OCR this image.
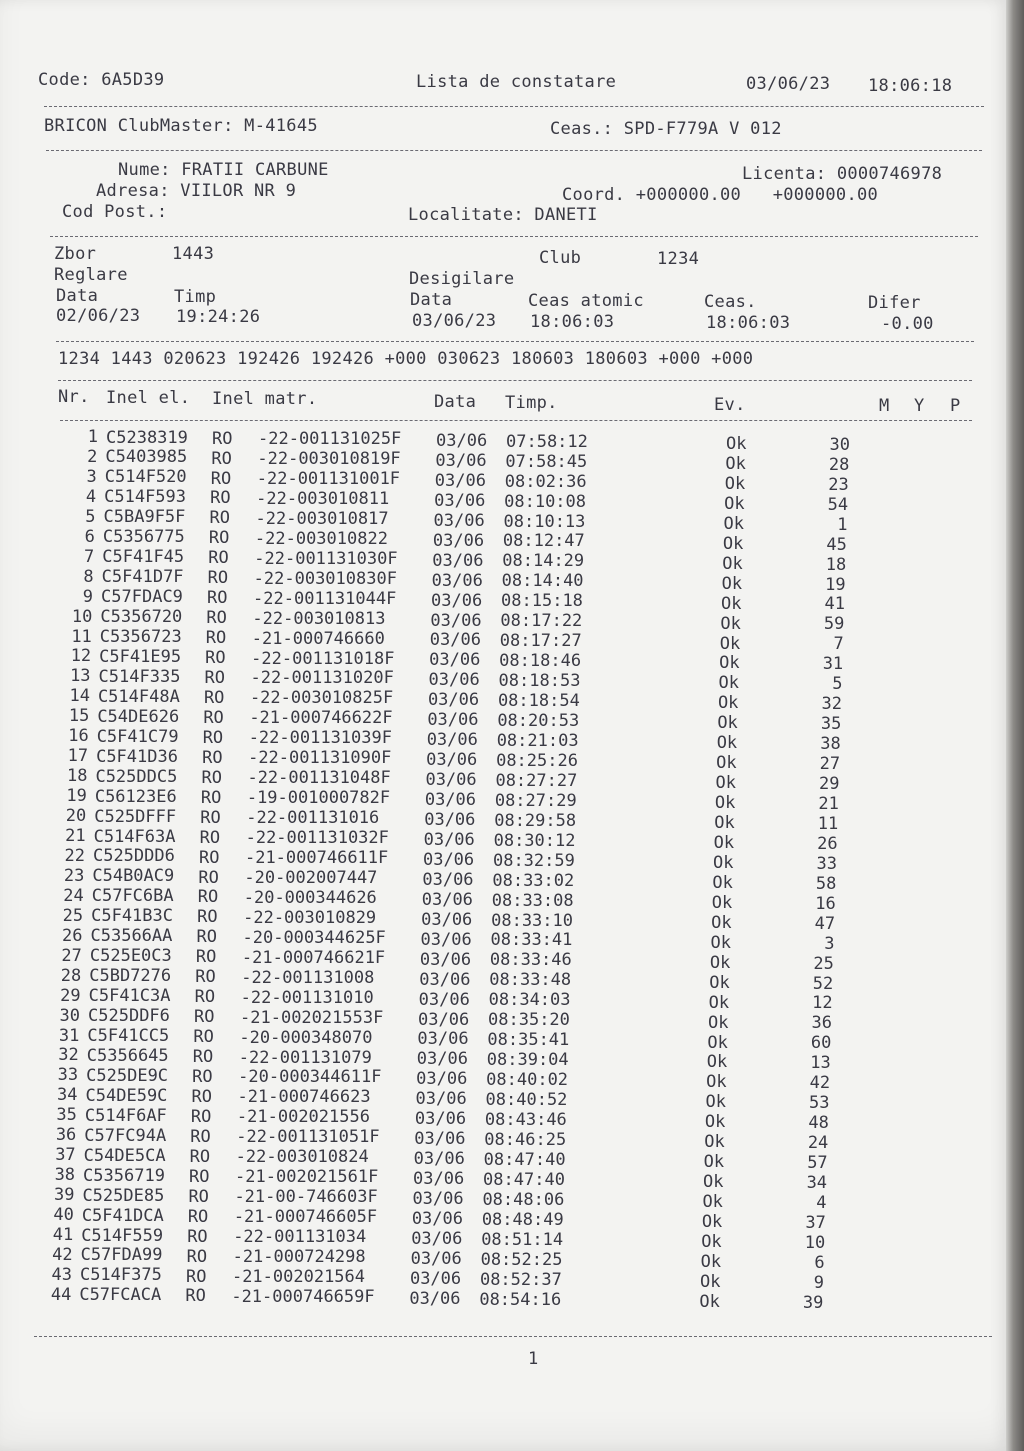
Code: 6A5D39	Lista de constatare	03/06/23 18:06:18
BRICON ClubMaster: M-41645	Ceas.: SPD-F779A V 012
Nume: FRATII CARBUNE	Licenta: 0000746978
Adresa: VIILOR NR 9	Coord. +000000.00   +000000.00
Cod Post.:	Localitate: DANETI
Zbor	1443	Club	1234
Reglare	Desigilare
Data	Timp	Data	Ceas atomic	Ceas.	Difer
02/06/23 19:24:26	03/06/23 18:06:03	18:06:03	-0.00
1234 1443 020623 192426 192426 +000 030623 180603 180603 +000 +000
Nr. Inel el. Inel matr.	Data Timp.	Ev.	M Y P
1 C5238319 RO -22-001131025F 03/06 07:58:12	Ok	30
2 C5403985 RO -22-003010819F 03/06 07:58:45	Ok	28
3 C514F520 RO -22-001131001F 03/06 08:02:36	Ok	23
4 C514F593 RO -22-003010811	03/06 08:10:08	Ok	54
5 C5BA9F5F RO -22-003010817	03/06 08:10:13	Ok	1
6 C5356775 RO -22-003010822	03/06 08:12:47	Ok	45
7 C5F41F45 RO -22-001131030F 03/06 08:14:29	Ok	18
8 C5F41D7F RO -22-003010830F 03/06 08:14:40	Ok	19
9 C57FDAC9 RO -22-001131044F 03/06 08:15:18	Ok	41
10 C5356720 RO -22-003010813	03/06 08:17:22	Ok	59
11 C5356723 RO -21-000746660	03/06 08:17:27	Ok	7
12 C5F41E95 RO -22-001131018F 03/06 08:18:46	Ok	31
13 C514F335 RO -22-001131020F 03/06 08:18:53	Ok	5
14 C514F48A RO -22-003010825F 03/06 08:18:54	Ok	32
15 C54DE626 RO -21-000746622F 03/06 08:20:53	Ok	35
16 C5F41C79 RO -22-001131039F 03/06 08:21:03	Ok	38
17 C5F41D36 RO -22-001131090F 03/06 08:25:26	Ok	27
18 C525DDC5 RO -22-001131048F 03/06 08:27:27	Ok	29
19 C56123E6 RO -19-001000782F 03/06 08:27:29	Ok	21
20 C525DFFF RO -22-001131016	03/06 08:29:58	Ok	11
21 C514F63A RO -22-001131032F 03/06 08:30:12	Ok	26
22 C525DDD6 RO -21-000746611F 03/06 08:32:59	Ok	33
23 C54B0AC9 RO -20-002007447	03/06 08:33:02	Ok	58
24 C57FC6BA RO -20-000344626	03/06 08:33:08	Ok	16
25 C5F41B3C RO -22-003010829	03/06 08:33:10	Ok	47
26 C53566AA RO -20-000344625F 03/06 08:33:41	Ok	3
27 C525E0C3 RO -21-000746621F 03/06 08:33:46	Ok	25
28 C5BD7276 RO -22-001131008	03/06 08:33:48	Ok	52
29 C5F41C3A RO -22-001131010	03/06 08:34:03	Ok	12
30 C525DDF6 RO -21-002021553F 03/06 08:35:20	Ok	36
31 C5F41CC5 RO -20-000348070	03/06 08:35:41	Ok	60
32 C5356645 RO -22-001131079	03/06 08:39:04	Ok	13
33 C525DE9C RO -20-000344611F 03/06 08:40:02	Ok	42
34 C54DE59C RO -21-000746623	03/06 08:40:52	Ok	53
35 C514F6AF RO -21-002021556	03/06 08:43:46	Ok	48
36 C57FC94A RO -22-001131051F 03/06 08:46:25	Ok	24
37 C54DE5CA RO -22-003010824	03/06 08:47:40	Ok	57
38 C5356719 RO -21-002021561F 03/06 08:47:40	Ok	34
39 C525DE85 RO -21-00-746603F 03/06 08:48:06	Ok	4
40 C5F41DCA RO -21-000746605F 03/06 08:48:49	Ok	37
41 C514F559 RO -22-001131034	03/06 08:51:14	Ok	10
42 C57FDA99 RO -21-000724298	03/06 08:52:25	Ok	6
43 C514F375 RO -21-002021564	03/06 08:52:37	Ok	9
44 C57FCACA RO -21-000746659F 03/06 08:54:16	Ok	39
1
